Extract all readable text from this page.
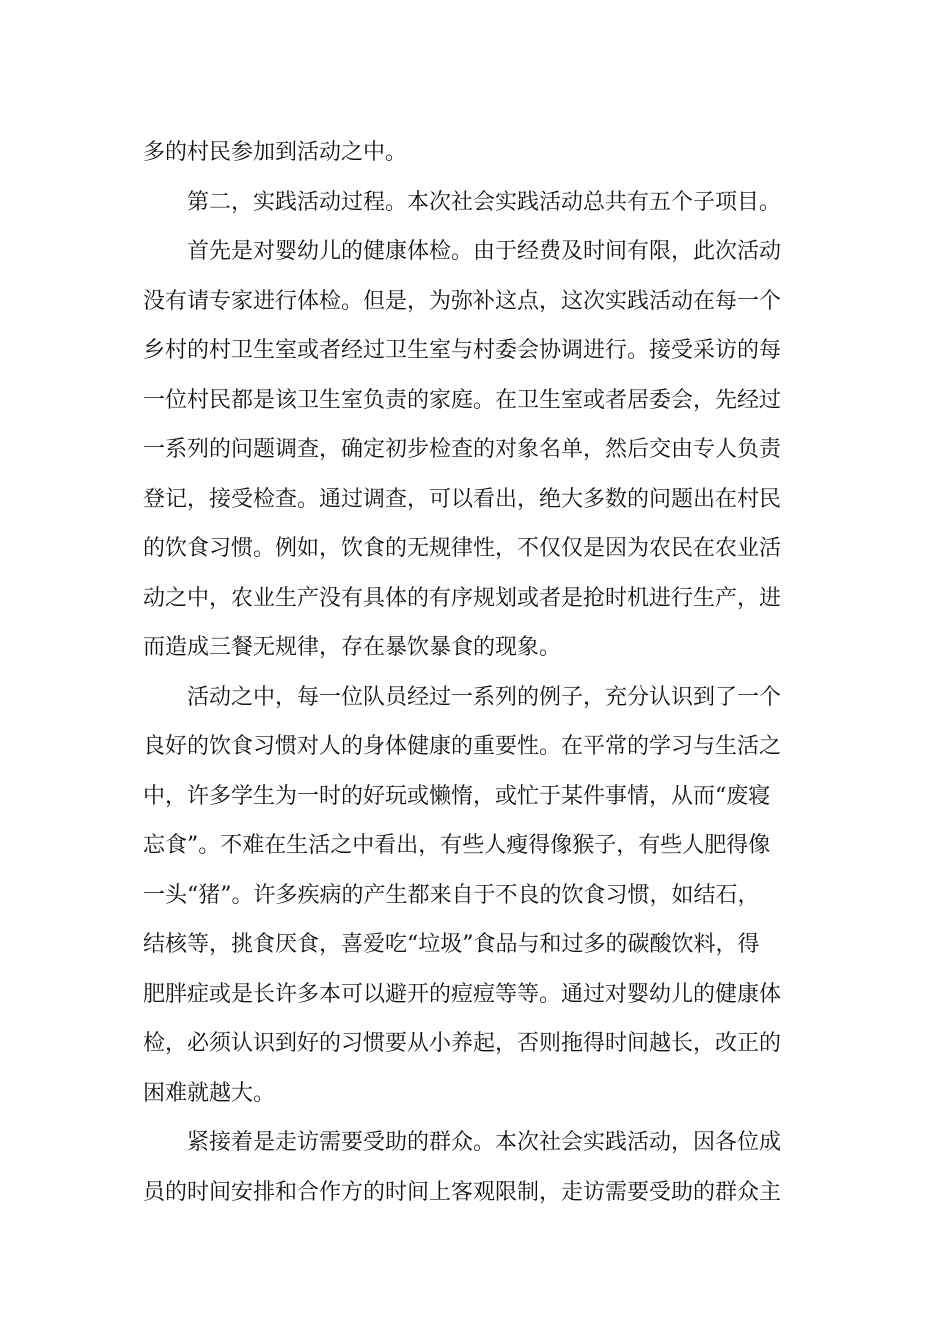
多的村民参加到活动之中。
第二，实践活动过程。本次社会实践活动总共有五个子项目。
首先是对婴幼儿的健康体检。由于经费及时间有限，此次活动
没有请专家进行体检。但是，为弥补这点，这次实践活动在每一个
乡村的村卫生室或者经过卫生室与村委会协调进行。接受采访的每
一位村民都是该卫生室负责的家庭。在卫生室或者居委会，先经过
一系列的问题调查，确定初步检查的对象名单，然后交由专人负责
登记，接受检查。通过调查，可以看出，绝大多数的问题出在村民
的饮食习惯。例如，饮食的无规律性，不仅仅是因为农民在农业活
动之中，农业生产没有具体的有序规划或者是抢时机进行生产，进
而造成三餐无规律，存在暴饮暴食的现象。
活动之中，每一位队员经过一系列的例子，充分认识到了一个
良好的饮食习惯对人的身体健康的重要性。在平常的学习与生活之
中，许多学生为一时的好玩或懒惰，或忙于某件事情，从而“废寝
忘食”。不难在生活之中看出，有些人瘦得像猴子，有些人肥得像
一头“猪”。许多疾病的产生都来自于不良的饮食习惯，如结石，
结核等，挑食厌食，喜爱吃“垃圾”食品与和过多的碳酸饮料，得
肥胖症或是长许多本可以避开的痘痘等等。通过对婴幼儿的健康体
检，必须认识到好的习惯要从小养起，否则拖得时间越长，改正的
困难就越大。
紧接着是走访需要受助的群众。本次社会实践活动，因各位成
员的时间安排和合作方的时间上客观限制，走访需要受助的群众主
